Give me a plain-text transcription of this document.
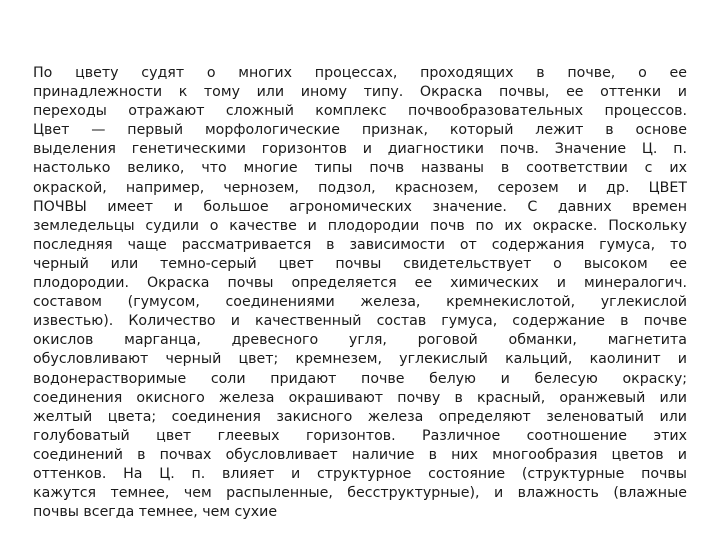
По цвету судят о многих процессах, проходящих в почве, о ее
принадлежности к тому или иному типу. Окраска почвы, ее оттенки и
переходы отражают сложный комплекс почвообразовательных процессов.
Цвет — первый морфологические признак, который лежит в основе
выделения генетическими горизонтов и диагностики почв. Значение Ц. п.
настолько велико, что многие типы почв названы в соответствии с их
окраской, например, чернозем, подзол, краснозем, серозем и др. ЦВЕТ
ПОЧВЫ имеет и большое агрономических значение. С давних времен
земледельцы судили о качестве и плодородии почв по их окраске. Поскольку
последняя чаще рассматривается в зависимости от содержания гумуса, то
черный или темно-серый цвет почвы свидетельствует о высоком ее
плодородии. Окраска почвы определяется ее химических и минералогич.
составом (гумусом, соединениями железа, кремнекислотой, углекислой
известью). Количество и качественный состав гумуса, содержание в почве
окислов марганца, древесного угля, роговой обманки, магнетита
обусловливают черный цвет; кремнезем, углекислый кальций, каолинит и
водонерастворимые соли придают почве белую и белесую окраску;
соединения окисного железа окрашивают почву в красный, оранжевый или
желтый цвета; соединения закисного железа определяют зеленоватый или
голубоватый цвет глеевых горизонтов. Различное соотношение этих
соединений в почвах обусловливает наличие в них многообразия цветов и
оттенков. На Ц. п. влияет и структурное состояние (структурные почвы
кажутся темнее, чем распыленные, бесструктурные), и влажность (влажные
почвы всегда темнее, чем сухие
